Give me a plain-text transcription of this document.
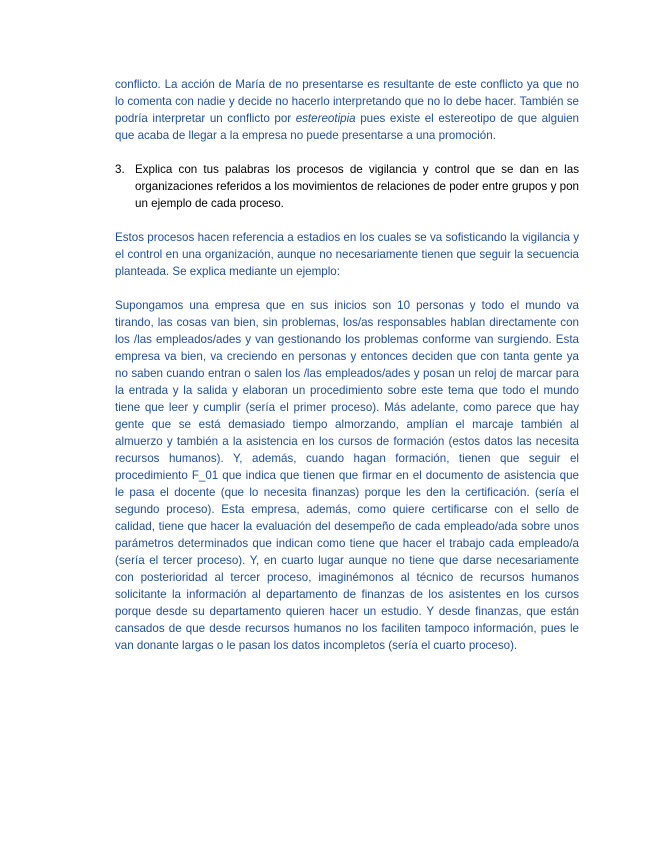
conflicto. La acción de María de no presentarse es resultante de este conflicto ya que no lo comenta con nadie y decide no hacerlo interpretando que no lo debe hacer. También se podría interpretar un conflicto por estereotipia pues existe el estereotipo de que alguien que acaba de llegar a la empresa no puede presentarse a una promoción.

3. Explica con tus palabras los procesos de vigilancia y control que se dan en las organizaciones referidos a los movimientos de relaciones de poder entre grupos y pon un ejemplo de cada proceso.

Estos procesos hacen referencia a estadios en los cuales se va sofisticando la vigilancia y el control en una organización, aunque no necesariamente tienen que seguir la secuencia planteada. Se explica mediante un ejemplo:

Supongamos una empresa que en sus inicios son 10 personas y todo el mundo va tirando, las cosas van bien, sin problemas, los/as responsables hablan directamente con los /las empleados/ades y van gestionando los problemas conforme van surgiendo. Esta empresa va bien, va creciendo en personas y entonces deciden que con tanta gente ya no saben cuando entran o salen los /las empleados/ades y posan un reloj de marcar para la entrada y la salida y elaboran un procedimiento sobre este tema que todo el mundo tiene que leer y cumplir (sería el primer proceso). Más adelante, como parece que hay gente que se está demasiado tiempo almorzando, amplían el marcaje también al almuerzo y también a la asistencia en los cursos de formación (estos datos las necesita recursos humanos). Y, además, cuando hagan formación, tienen que seguir el procedimiento F_01 que indica que tienen que firmar en el documento de asistencia que le pasa el docente (que lo necesita finanzas) porque les den la certificación. (sería el segundo proceso). Esta empresa, además, como quiere certificarse con el sello de calidad, tiene que hacer la evaluación del desempeño de cada empleado/ada sobre unos parámetros determinados que indican como tiene que hacer el trabajo cada empleado/a (sería el tercer proceso). Y, en cuarto lugar aunque no tiene que darse necesariamente con posterioridad al tercer proceso, imaginémonos al técnico de recursos humanos solicitante la información al departamento de finanzas de los asistentes en los cursos porque desde su departamento quieren hacer un estudio. Y desde finanzas, que están cansados de que desde recursos humanos no los faciliten tampoco información, pues le van donante largas o le pasan los datos incompletos (sería el cuarto proceso).
